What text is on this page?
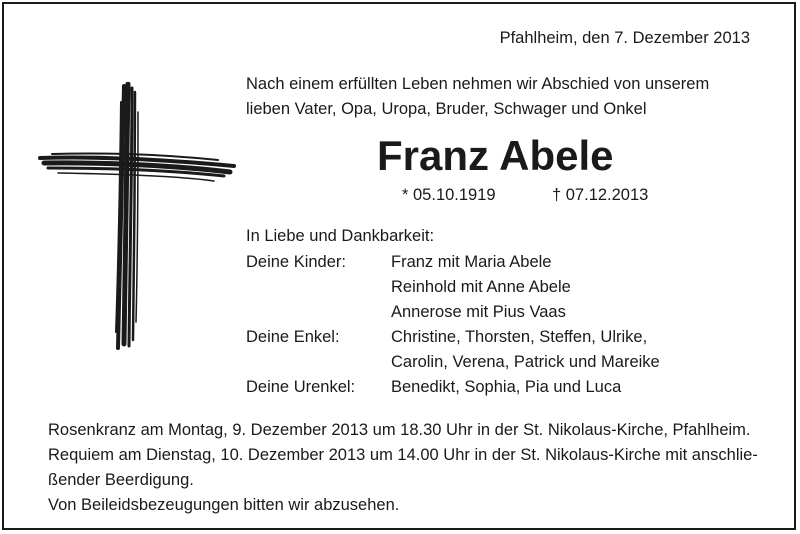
Pfahlheim, den 7. Dezember 2013
Nach einem erfüllten Leben nehmen wir Abschied von unserem
lieben Vater, Opa, Uropa, Bruder, Schwager und Onkel
Franz Abele
* 05.10.1919	† 07.12.2013
In Liebe und Dankbarkeit:
Deine Kinder:	Franz mit Maria Abele
Reinhold mit Anne Abele
Annerose mit Pius Vaas
Deine Enkel:	Christine, Thorsten, Steffen, Ulrike,
Carolin, Verena, Patrick und Mareike
Deine Urenkel: Benedikt, Sophia, Pia und Luca
Rosenkranz am Montag, 9. Dezember 2013 um 18.30 Uhr in der St. Nikolaus-Kirche, Pfahlheim.
Requiem am Dienstag, 10. Dezember 2013 um 14.00 Uhr in der St. Nikolaus-Kirche mit anschlie-
ßender Beerdigung.
Von Beileidsbezeugungen bitten wir abzusehen.
